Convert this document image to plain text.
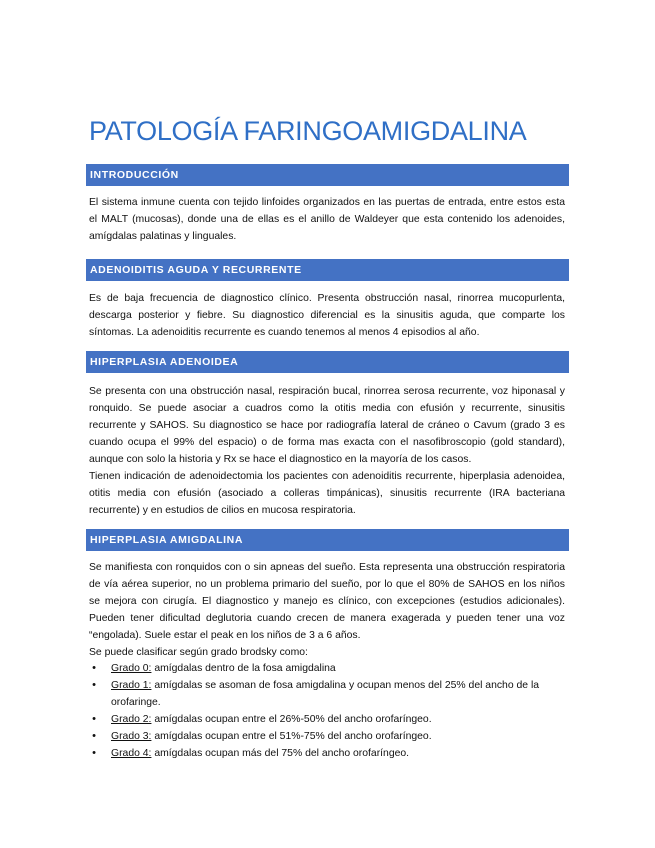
PATOLOGÍA FARINGOAMIGDALINA
INTRODUCCIÓN

El sistema inmune cuenta con tejido linfoides organizados en las puertas de entrada, entre estos esta el MALT (mucosas), donde una de ellas es el anillo de Waldeyer que esta contenido los adenoides, amígdalas palatinas y linguales.

ADENOIDITIS AGUDA Y RECURRENTE

Es de baja frecuencia de diagnostico clínico. Presenta obstrucción nasal, rinorrea mucopurlenta, descarga posterior y fiebre. Su diagnostico diferencial es la sinusitis aguda, que comparte los síntomas. La adenoiditis recurrente es cuando tenemos al menos 4 episodios al año.

HIPERPLASIA ADENOIDEA

Se presenta con una obstrucción nasal, respiración bucal, rinorrea serosa recurrente, voz hiponasal y ronquido. Se puede asociar a cuadros como la otitis media con efusión y recurrente, sinusitis recurrente y SAHOS. Su diagnostico se hace por radiografía lateral de cráneo o Cavum (grado 3 es cuando ocupa el 99% del espacio) o de forma mas exacta con el nasofibroscopio (gold standard), aunque con solo la historia y Rx se hace el diagnostico en la mayoría de los casos.

Tienen indicación de adenoidectomia los pacientes con adenoiditis recurrente, hiperplasia adenoidea, otitis media con efusión (asociado a colleras timpánicas), sinusitis recurrente (IRA bacteriana recurrente) y en estudios de cilios en mucosa respiratoria.

HIPERPLASIA AMIGDALINA

Se manifiesta con ronquidos con o sin apneas del sueño. Esta representa una obstrucción respiratoria de vía aérea superior, no un problema primario del sueño, por lo que el 80% de SAHOS en los niños se mejora con cirugía. El diagnostico y manejo es clínico, con excepciones (estudios adicionales). Pueden tener dificultad deglutoria cuando crecen de manera exagerada y pueden tener una voz “engolada). Suele estar el peak en los niños de 3 a 6 años.

Se puede clasificar según grado brodsky como:

• Grado 0: amígdalas dentro de la fosa amigdalina
• Grado 1: amígdalas se asoman de fosa amigdalina y ocupan menos del 25% del ancho de la orofaringe.
• Grado 2: amígdalas ocupan entre el 26%-50% del ancho orofaríngeo.
• Grado 3: amígdalas ocupan entre el 51%-75% del ancho orofaríngeo.
• Grado 4: amígdalas ocupan más del 75% del ancho orofaríngeo.
